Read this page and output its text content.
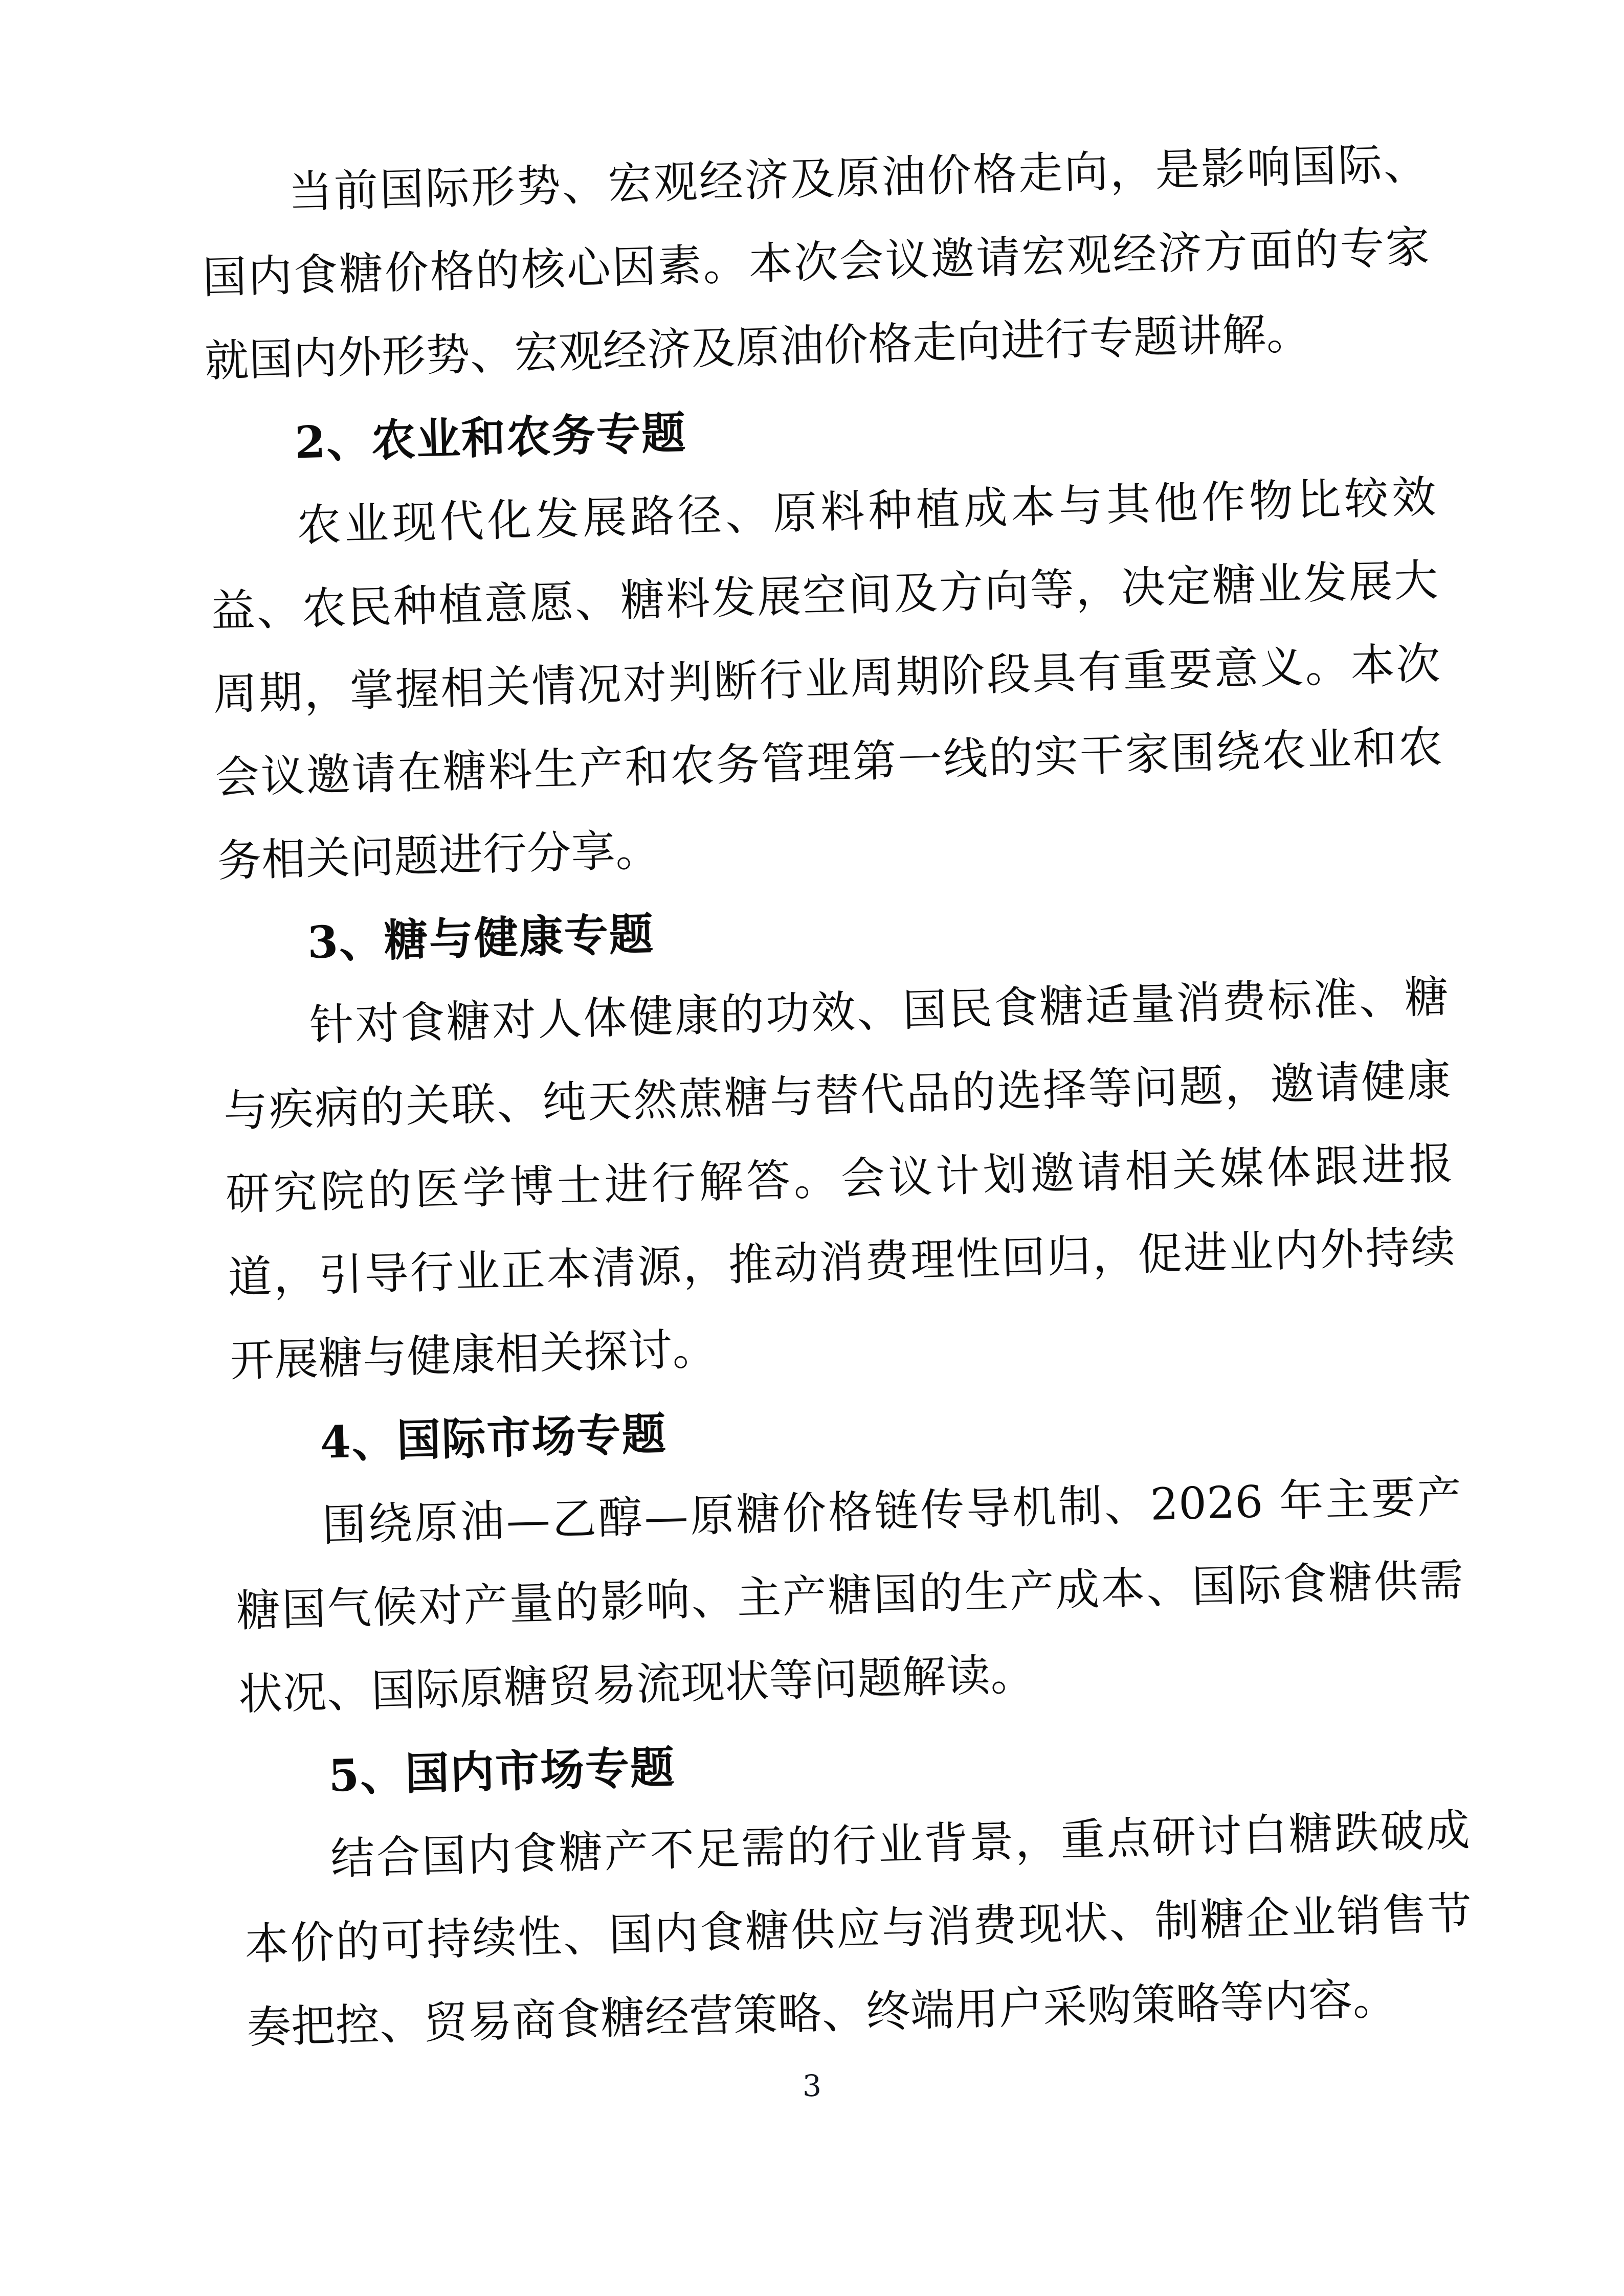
当前国际形势、宏观经济及原油价格走向，是影响国际、国内食糖价格的核心因素。本次会议邀请宏观经济方面的专家就国内外形势、宏观经济及原油价格走向进行专题讲解。

2、农业和农务专题

农业现代化发展路径、原料种植成本与其他作物比较效益、农民种植意愿、糖料发展空间及方向等，决定糖业发展大周期，掌握相关情况对判断行业周期阶段具有重要意义。本次会议邀请在糖料生产和农务管理第一线的实干家围绕农业和农务相关问题进行分享。

3、糖与健康专题

针对食糖对人体健康的功效、国民食糖适量消费标准、糖与疾病的关联、纯天然蔗糖与替代品的选择等问题，邀请健康研究院的医学博士进行解答。会议计划邀请相关媒体跟进报道，引导行业正本清源，推动消费理性回归，促进业内外持续开展糖与健康相关探讨。

4、国际市场专题

围绕原油—乙醇—原糖价格链传导机制、2026 年主要产糖国气候对产量的影响、主产糖国的生产成本、国际食糖供需状况、国际原糖贸易流现状等问题解读。

5、国内市场专题

结合国内食糖产不足需的行业背景，重点研讨白糖跌破成本价的可持续性、国内食糖供应与消费现状、制糖企业销售节奏把控、贸易商食糖经营策略、终端用户采购策略等内容。

3
